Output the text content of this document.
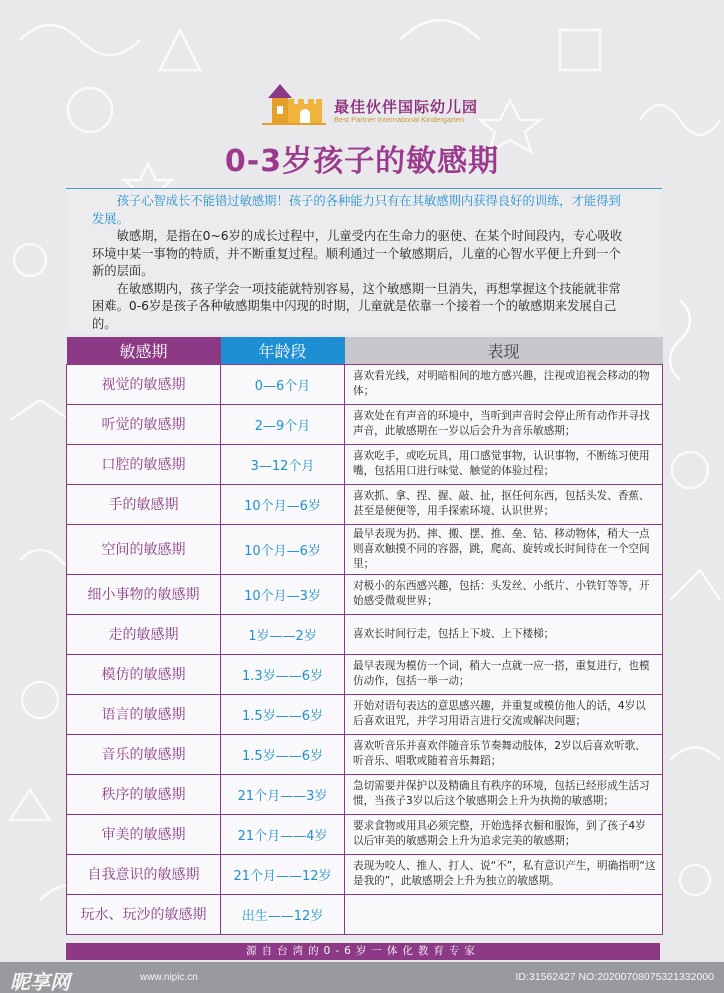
最佳伙伴国际幼儿园
Best Partner International Kindergarten
0-3岁孩子的敏感期

孩子心智成长不能错过敏感期！孩子的各种能力只有在其敏感期内获得良好的训练，才能得到发展。

敏感期，是指在0~6岁的成长过程中，儿童受内在生命力的驱使、在某个时间段内，专心吸收环境中某一事物的特质，并不断重复过程。顺利通过一个敏感期后，儿童的心智水平便上升到一个新的层面。

在敏感期内，孩子学会一项技能就特别容易，这个敏感期一旦消失，再想掌握这个技能就非常困难。0-6岁是孩子各种敏感期集中闪现的时期，儿童就是依靠一个接着一个的敏感期来发展自己的。

敏感期	年龄段	表现
视觉的敏感期	0—6个月	喜欢看光线，对明暗相间的地方感兴趣，注视或追视会移动的物体；
听觉的敏感期	2—9个月	喜欢处在有声音的环境中，当听到声音时会停止所有动作并寻找声音，此敏感期在一岁以后会升为音乐敏感期；
口腔的敏感期	3—12个月	喜欢吃手，或吃玩具，用口感觉事物，认识事物，不断练习使用嘴，包括用口进行味觉、触觉的体验过程；
手的敏感期	10个月—6岁	喜欢抓、拿、捏、握、敲、扯，抠任何东西，包括头发、香蕉、甚至是便便等，用手探索环境、认识世界；
空间的敏感期	10个月—6岁	最早表现为扔、摔、搬、摆、推、垒、钻、移动物体，稍大一点则喜欢触摸不同的容器，跳，爬高、旋转或长时间待在一个空间里；
细小事物的敏感期	10个月—3岁	对极小的东西感兴趣，包括：头发丝、小纸片、小铁钉等等，开始感受微观世界；
走的敏感期	1岁——2岁	喜欢长时间行走，包括上下坡、上下楼梯；
模仿的敏感期	1.3岁——6岁	最早表现为模仿一个词，稍大一点就一应一搭，重复进行，也模仿动作，包括一举一动；
语言的敏感期	1.5岁——6岁	开始对语句表达的意思感兴趣，并重复或模仿他人的话，4岁以后喜欢诅咒，并学习用语言进行交流或解决问题；
音乐的敏感期	1.5岁——6岁	喜欢听音乐并喜欢伴随音乐节奏舞动肢体，2岁以后喜欢听歌、听音乐、唱歌或随着音乐舞蹈；
秩序的敏感期	21个月——3岁	急切需要并保护以及精确且有秩序的环境，包括已经形成生活习惯，当孩子3岁以后这个敏感期会上升为执拗的敏感期；
审美的敏感期	21个月——4岁	要求食物或用具必须完整，开始选择衣橱和服饰，到了孩子4岁以后审美的敏感期会上升为追求完美的敏感期；
自我意识的敏感期	21个月——12岁	表现为咬人、推人、打人、说“不”，私有意识产生，明确指明“这是我的”，此敏感期会上升为独立的敏感期。
玩水、玩沙的敏感期	出生——12岁	
源自台湾的0-6岁一体化教育专家
昵享网	www.nipic.cn	ID:31562427 NO:20200708075321332000
